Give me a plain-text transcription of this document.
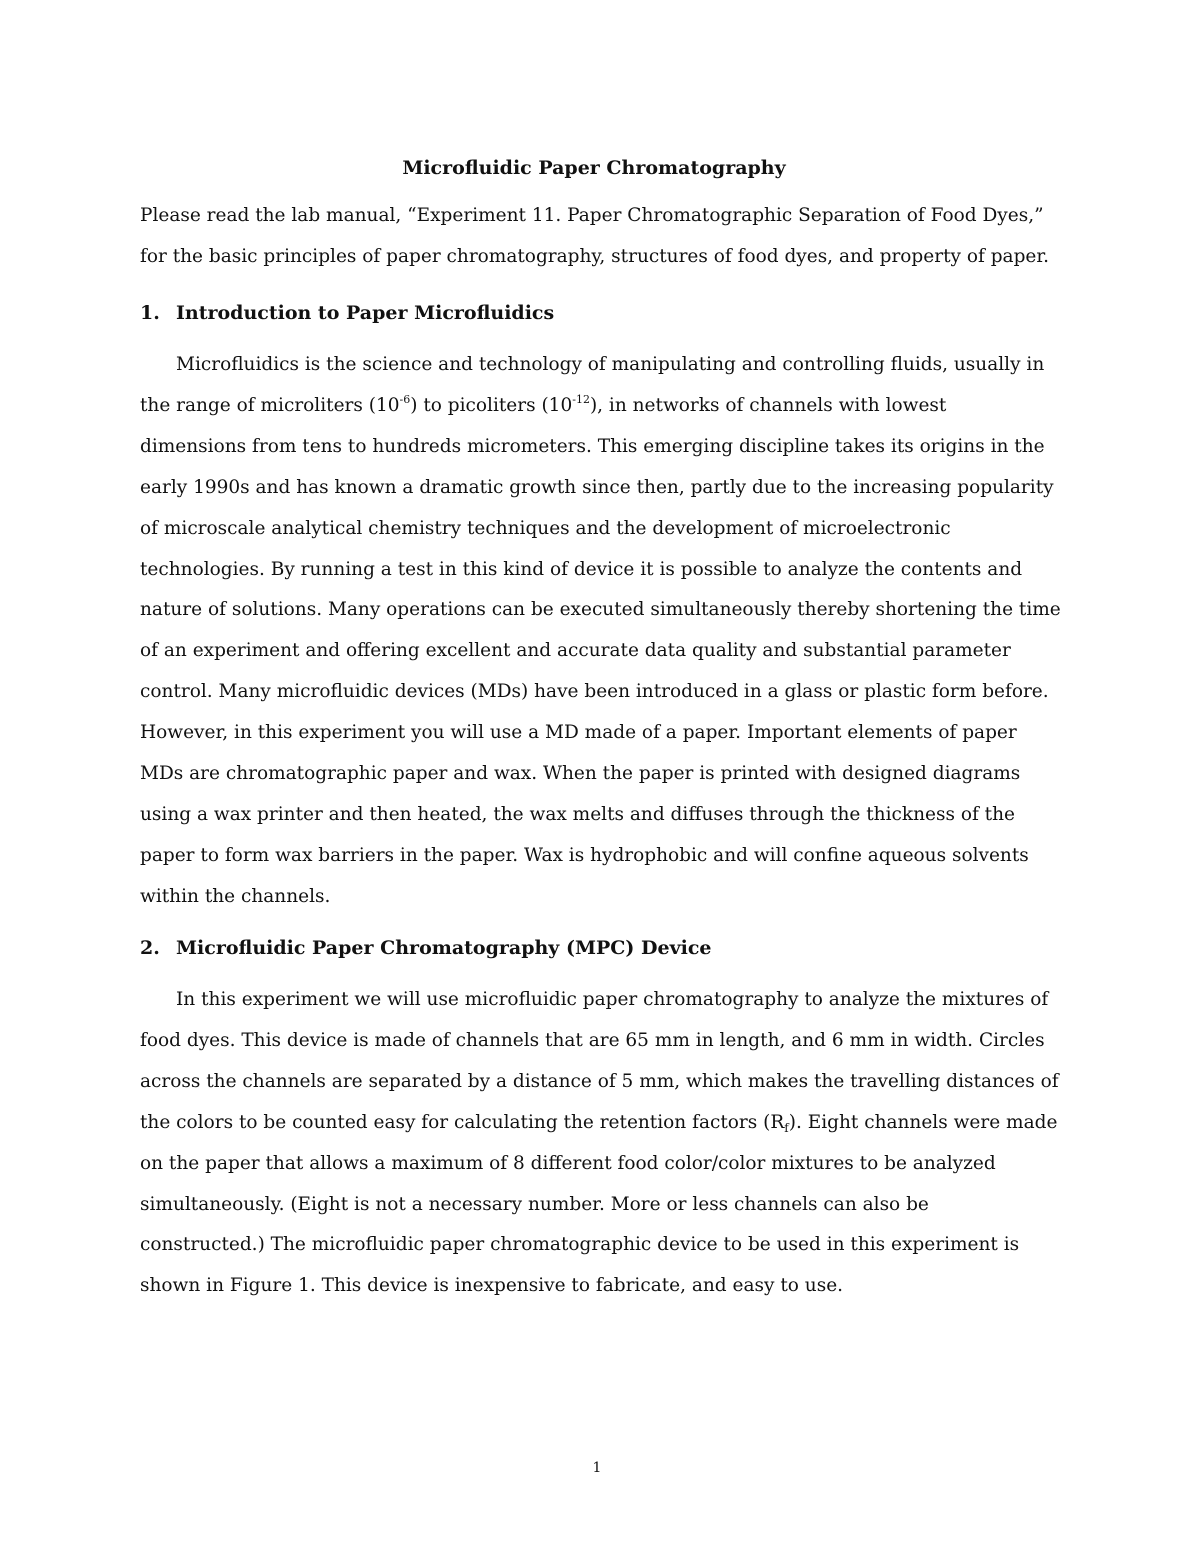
Microfluidic Paper Chromatography
Please read the lab manual, “Experiment 11. Paper Chromatographic Separation of Food Dyes,”
for the basic principles of paper chromatography, structures of food dyes, and property of paper.
1. Introduction to Paper Microfluidics
Microfluidics is the science and technology of manipulating and controlling fluids, usually in
the range of microliters $(10^{-6})$ to picoliters $(10^{-12})$, in networks of channels with lowest
dimensions from tens to hundreds micrometers. This emerging discipline takes its origins in the
early 1990s and has known a dramatic growth since then, partly due to the increasing popularity
of microscale analytical chemistry techniques and the development of microelectronic
technologies. By running a test in this kind of device it is possible to analyze the contents and
nature of solutions. Many operations can be executed simultaneously thereby shortening the time
of an experiment and offering excellent and accurate data quality and substantial parameter
control. Many microfluidic devices (MDs) have been introduced in a glass or plastic form before.
However, in this experiment you will use a MD made of a paper. Important elements of paper
MDs are chromatographic paper and wax. When the paper is printed with designed diagrams
using a wax printer and then heated, the wax melts and diffuses through the thickness of the
paper to form wax barriers in the paper. Wax is hydrophobic and will confine aqueous solvents
within the channels.
2. Microfluidic Paper Chromatography (MPC) Device
In this experiment we will use microfluidic paper chromatography to analyze the mixtures of
food dyes. This device is made of channels that are 65 mm in length, and 6 mm in width. Circles
across the channels are separated by a distance of 5 mm, which makes the travelling distances of
the colors to be counted easy for calculating the retention factors $(R_f)$. Eight channels were made
on the paper that allows a maximum of 8 different food color/color mixtures to be analyzed
simultaneously. (Eight is not a necessary number. More or less channels can also be
constructed.) The microfluidic paper chromatographic device to be used in this experiment is
shown in Figure 1. This device is inexpensive to fabricate, and easy to use.
1
